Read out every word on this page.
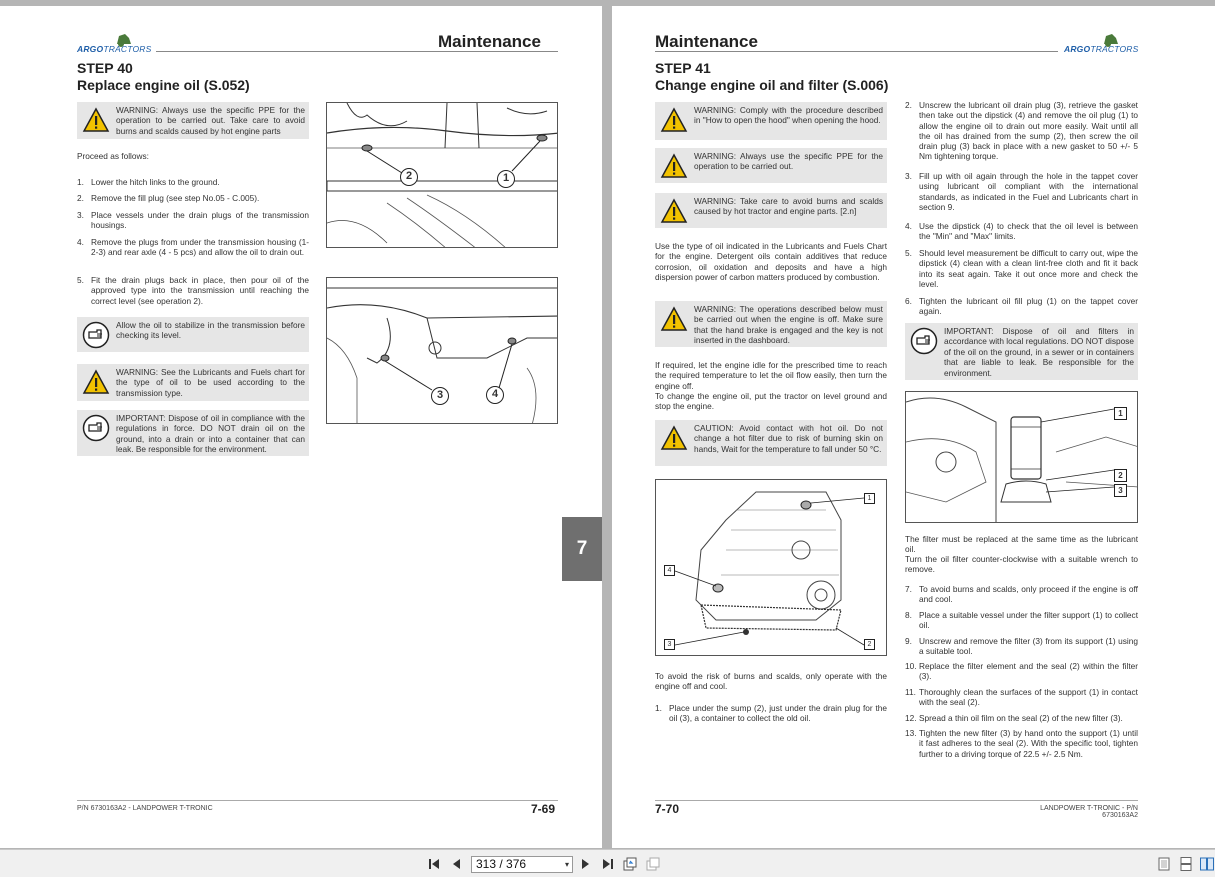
ARGOTRACTORS	Maintenance
STEP 40
Replace engine oil (S.052)
WARNING: Always use the specific PPE for the operation to be carried out. Take care to avoid burns and scalds caused by hot engine parts
Proceed as follows:
1. Lower the hitch links to the ground.
2. Remove the fill plug (see step No.05 - C.005).
3. Place vessels under the drain plugs of the transmission housings.
4. Remove the plugs from under the transmission housing (1-2-3) and rear axle (4 - 5 pcs) and allow the oil to drain out.
5. Fit the drain plugs back in place, then pour oil of the approved type into the transmission until reaching the correct level (see operation 2).
Allow the oil to stabilize in the transmission before checking its level.
WARNING: See the Lubricants and Fuels chart for the type of oil to be used according to the transmission type.
IMPORTANT: Dispose of oil in compliance with the regulations in force. DO NOT drain oil on the ground, into a drain or into a container that can leak. Be responsible for the environment.
2	1
3	4
P/N 6730163A2 - LANDPOWER T-TRONIC	7-69
7
Maintenance	ARGOTRACTORS
STEP 41
Change engine oil and filter (S.006)
WARNING: Comply with the procedure described in "How to open the hood" when opening the hood.
WARNING: Always use the specific PPE for the operation to be carried out.
WARNING: Take care to avoid burns and scalds caused by hot tractor and engine parts. [2.n]
Use the type of oil indicated in the Lubricants and Fuels Chart for the engine. Detergent oils contain additives that reduce corrosion, oil oxidation and deposits and have a high dispersion power of carbon matters produced by combustion.
WARNING: The operations described below must be carried out when the engine is off. Make sure that the hand brake is engaged and the key is not inserted in the dashboard.
If required, let the engine idle for the prescribed time to reach the required temperature to let the oil flow easily, then turn the engine off.
To change the engine oil, put the tractor on level ground and stop the engine.
CAUTION: Avoid contact with hot oil. Do not change a hot filter due to risk of burning skin on hands, Wait for the temperature to fall under 50 °C.
1
4
3	2
To avoid the risk of burns and scalds, only operate with the engine off and cool.
1. Place under the sump (2), just under the drain plug for the oil (3), a container to collect the old oil.
2. Unscrew the lubricant oil drain plug (3), retrieve the gasket then take out the dipstick (4) and remove the oil plug (1) to allow the engine oil to drain out more easily. Wait until all the oil has drained from the sump (2), then screw the oil drain plug (3) back in place with a new gasket to 50 +/- 5 Nm tightening torque.
3. Fill up with oil again through the hole in the tappet cover using lubricant oil compliant with the international standards, as indicated in the Fuel and Lubricants chart in section 9.
4. Use the dipstick (4) to check that the oil level is between the "Min" and "Max" limits.
5. Should level measurement be difficult to carry out, wipe the dipstick (4) clean with a clean lint-free cloth and fit it back into its seat again. Take it out once more and check the level.
6. Tighten the lubricant oil fill plug (1) on the tappet cover again.
IMPORTANT: Dispose of oil and filters in accordance with local regulations. DO NOT dispose of the oil on the ground, in a sewer or in containers that are liable to leak. Be responsible for the environment.
1
2
3
The filter must be replaced at the same time as the lubricant oil.
Turn the oil filter counter-clockwise with a suitable wrench to remove.
7. To avoid burns and scalds, only proceed if the engine is off and cool.
8. Place a suitable vessel under the filter support (1) to collect oil.
9. Unscrew and remove the filter (3) from its support (1) using a suitable tool.
10. Replace the filter element and the seal (2) within the filter (3).
11. Thoroughly clean the surfaces of the support (1) in contact with the seal (2).
12. Spread a thin oil film on the seal (2) of the new filter (3).
13. Tighten the new filter (3) by hand onto the support (1) until it fast adheres to the seal (2). With the specific tool, tighten further to a driving torque of 22.5 +/- 2.5 Nm.
7-70	LANDPOWER T-TRONIC - P/N 6730163A2
313 / 376	▾
